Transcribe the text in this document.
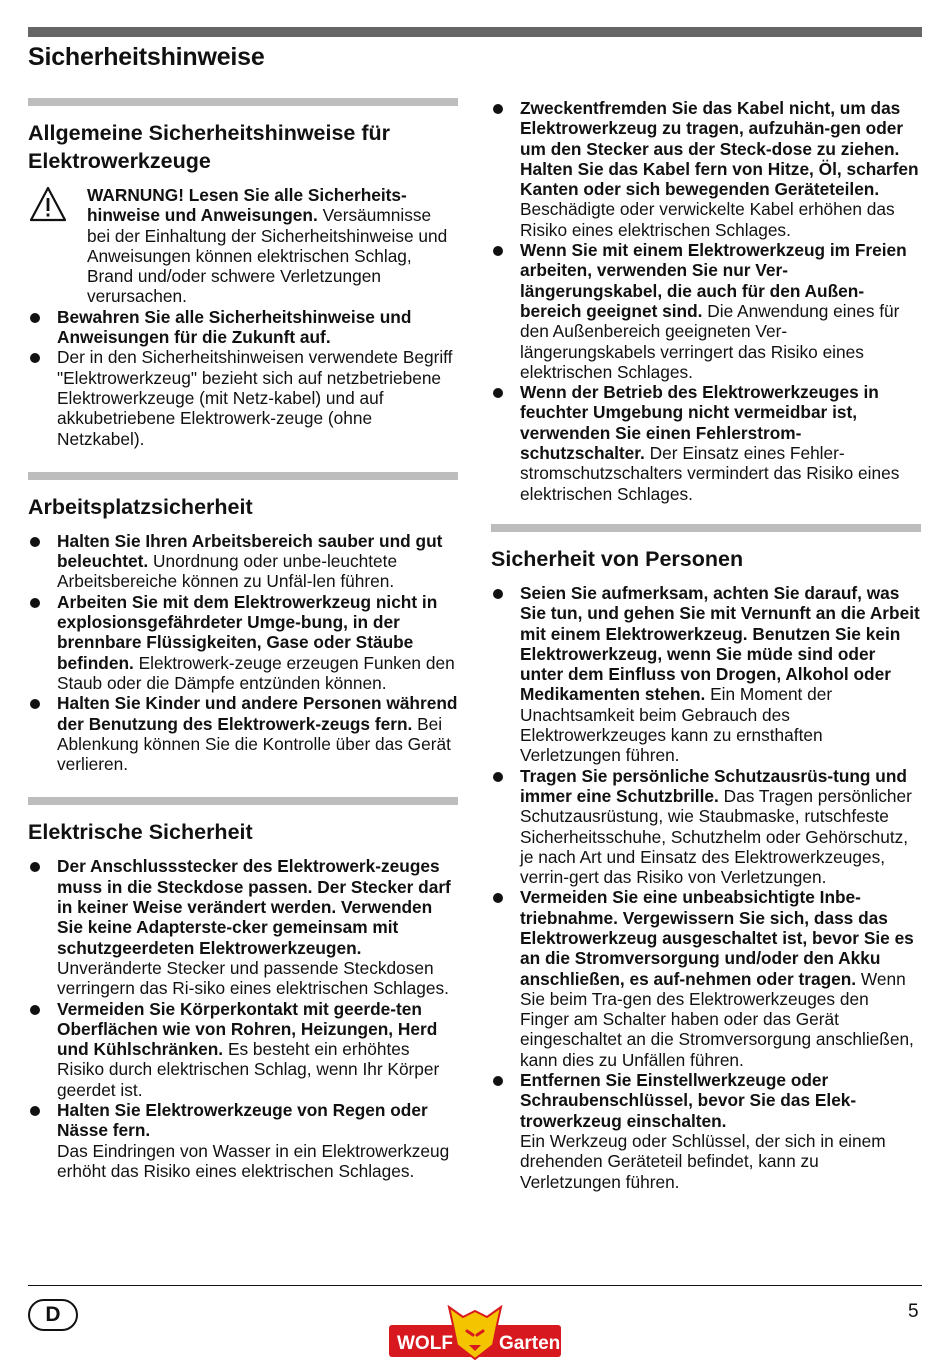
Sicherheitshinweise
Allgemeine Sicherheitshinweise für
Elektrowerkzeuge
WARNUNG! Lesen Sie alle Sicherheits-hinweise und Anweisungen. Versäumnisse bei der Einhaltung der Sicherheitshinweise und Anweisungen können elektrischen Schlag, Brand und/oder schwere Verletzungen verursachen.
Bewahren Sie alle Sicherheitshinweise und Anweisungen für die Zukunft auf.
Der in den Sicherheitshinweisen verwendete Begriff "Elektrowerkzeug" bezieht sich auf netzbetriebene Elektrowerkzeuge (mit Netz-kabel) und auf akkubetriebene Elektrowerk-zeuge (ohne Netzkabel).
Arbeitsplatzsicherheit
Halten Sie Ihren Arbeitsbereich sauber und gut beleuchtet. Unordnung oder unbe-leuchtete Arbeitsbereiche können zu Unfäl-len führen.
Arbeiten Sie mit dem Elektrowerkzeug nicht in explosionsgefährdeter Umge-bung, in der brennbare Flüssigkeiten, Gase oder Stäube befinden. Elektrowerk-zeuge erzeugen Funken den Staub oder die Dämpfe entzünden können.
Halten Sie Kinder und andere Personen während der Benutzung des Elektrowerk-zeugs fern. Bei Ablenkung können Sie die Kontrolle über das Gerät verlieren.
Elektrische Sicherheit
Der Anschlussstecker des Elektrowerk-zeuges muss in die Steckdose passen. Der Stecker darf in keiner Weise verändert werden. Verwenden Sie keine Adapterste-cker gemeinsam mit schutzgeerdeten Elektrowerkzeugen. Unveränderte Stecker und passende Steckdosen verringern das Ri-siko eines elektrischen Schlages.
Vermeiden Sie Körperkontakt mit geerde-ten Oberflächen wie von Rohren, Heizungen, Herd und Kühlschränken. Es besteht ein erhöhtes Risiko durch elektrischen Schlag, wenn Ihr Körper geerdet ist.
Halten Sie Elektrowerkzeuge von Regen oder Nässe fern.
Das Eindringen von Wasser in ein Elektrowerkzeug erhöht das Risiko eines elektrischen Schlages.
Zweckentfremden Sie das Kabel nicht, um das Elektrowerkzeug zu tragen, aufzuhän-gen oder um den Stecker aus der Steck-dose zu ziehen. Halten Sie das Kabel fern von Hitze, Öl, scharfen Kanten oder sich bewegenden Geräteteilen. Beschädigte oder verwickelte Kabel erhöhen das Risiko eines elektrischen Schlages.
Wenn Sie mit einem Elektrowerkzeug im Freien arbeiten, verwenden Sie nur Ver-längerungskabel, die auch für den Außen-bereich geeignet sind. Die Anwendung eines für den Außenbereich geeigneten Ver-längerungskabels verringert das Risiko eines elektrischen Schlages.
Wenn der Betrieb des Elektrowerkzeuges in feuchter Umgebung nicht vermeidbar ist, verwenden Sie einen Fehlerstrom-schutzschalter. Der Einsatz eines Fehler-stromschutzschalters vermindert das Risiko eines elektrischen Schlages.
Sicherheit von Personen
Seien Sie aufmerksam, achten Sie darauf, was Sie tun, und gehen Sie mit Vernunft an die Arbeit mit einem Elektrowerkzeug. Benutzen Sie kein Elektrowerkzeug, wenn Sie müde sind oder unter dem Einfluss von Drogen, Alkohol oder Medikamenten stehen. Ein Moment der Unachtsamkeit beim Gebrauch des Elektrowerkzeuges kann zu ernsthaften Verletzungen führen.
Tragen Sie persönliche Schutzausrüs-tung und immer eine Schutzbrille. Das Tragen persönlicher Schutzausrüstung, wie Staubmaske, rutschfeste Sicherheitsschuhe, Schutzhelm oder Gehörschutz, je nach Art und Einsatz des Elektrowerkzeuges, verrin-gert das Risiko von Verletzungen.
Vermeiden Sie eine unbeabsichtigte Inbe-triebnahme. Vergewissern Sie sich, dass das Elektrowerkzeug ausgeschaltet ist, bevor Sie es an die Stromversorgung und/oder den Akku anschließen, es auf-nehmen oder tragen. Wenn Sie beim Tra-gen des Elektrowerkzeuges den Finger am Schalter haben oder das Gerät eingeschaltet an die Stromversorgung anschließen, kann dies zu Unfällen führen.
Entfernen Sie Einstellwerkzeuge oder Schraubenschlüssel, bevor Sie das Elek-trowerkzeug einschalten.
Ein Werkzeug oder Schlüssel, der sich in einem drehenden Geräteteil befindet, kann zu Verletzungen führen.
D	5
WOLF Garten
